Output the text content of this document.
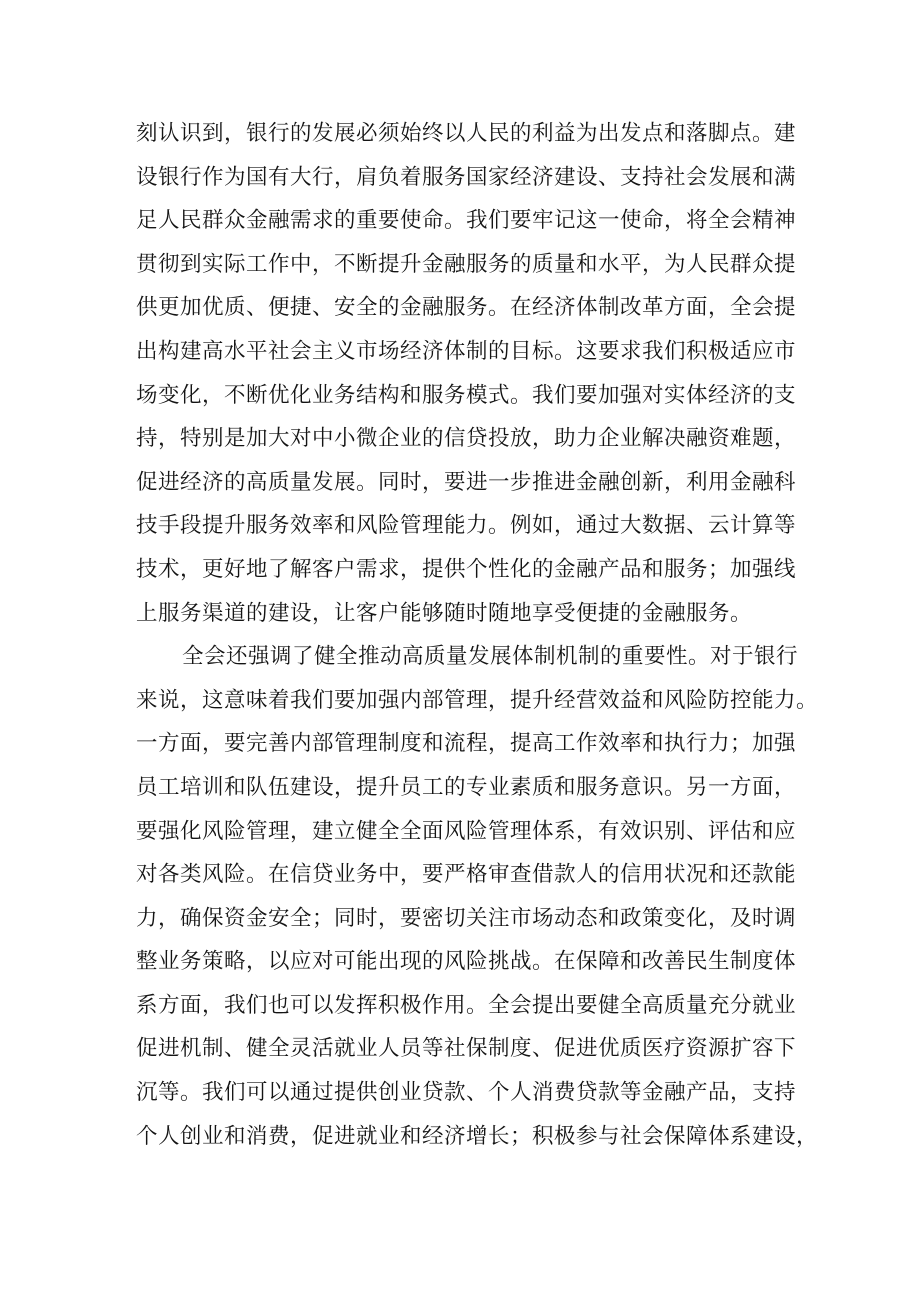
刻认识到，银行的发展必须始终以人民的利益为出发点和落脚点。建
设银行作为国有大行，肩负着服务国家经济建设、支持社会发展和满
足人民群众金融需求的重要使命。我们要牢记这一使命，将全会精神
贯彻到实际工作中，不断提升金融服务的质量和水平，为人民群众提
供更加优质、便捷、安全的金融服务。在经济体制改革方面，全会提
出构建高水平社会主义市场经济体制的目标。这要求我们积极适应市
场变化，不断优化业务结构和服务模式。我们要加强对实体经济的支
持，特别是加大对中小微企业的信贷投放，助力企业解决融资难题，
促进经济的高质量发展。同时，要进一步推进金融创新，利用金融科
技手段提升服务效率和风险管理能力。例如，通过大数据、云计算等
技术，更好地了解客户需求，提供个性化的金融产品和服务；加强线
上服务渠道的建设，让客户能够随时随地享受便捷的金融服务。
全会还强调了健全推动高质量发展体制机制的重要性。对于银行
来说，这意味着我们要加强内部管理，提升经营效益和风险防控能力。
一方面，要完善内部管理制度和流程，提高工作效率和执行力；加强
员工培训和队伍建设，提升员工的专业素质和服务意识。另一方面，
要强化风险管理，建立健全全面风险管理体系，有效识别、评估和应
对各类风险。在信贷业务中，要严格审查借款人的信用状况和还款能
力，确保资金安全；同时，要密切关注市场动态和政策变化，及时调
整业务策略，以应对可能出现的风险挑战。在保障和改善民生制度体
系方面，我们也可以发挥积极作用。全会提出要健全高质量充分就业
促进机制、健全灵活就业人员等社保制度、促进优质医疗资源扩容下
沉等。我们可以通过提供创业贷款、个人消费贷款等金融产品，支持
个人创业和消费，促进就业和经济增长；积极参与社会保障体系建设，
